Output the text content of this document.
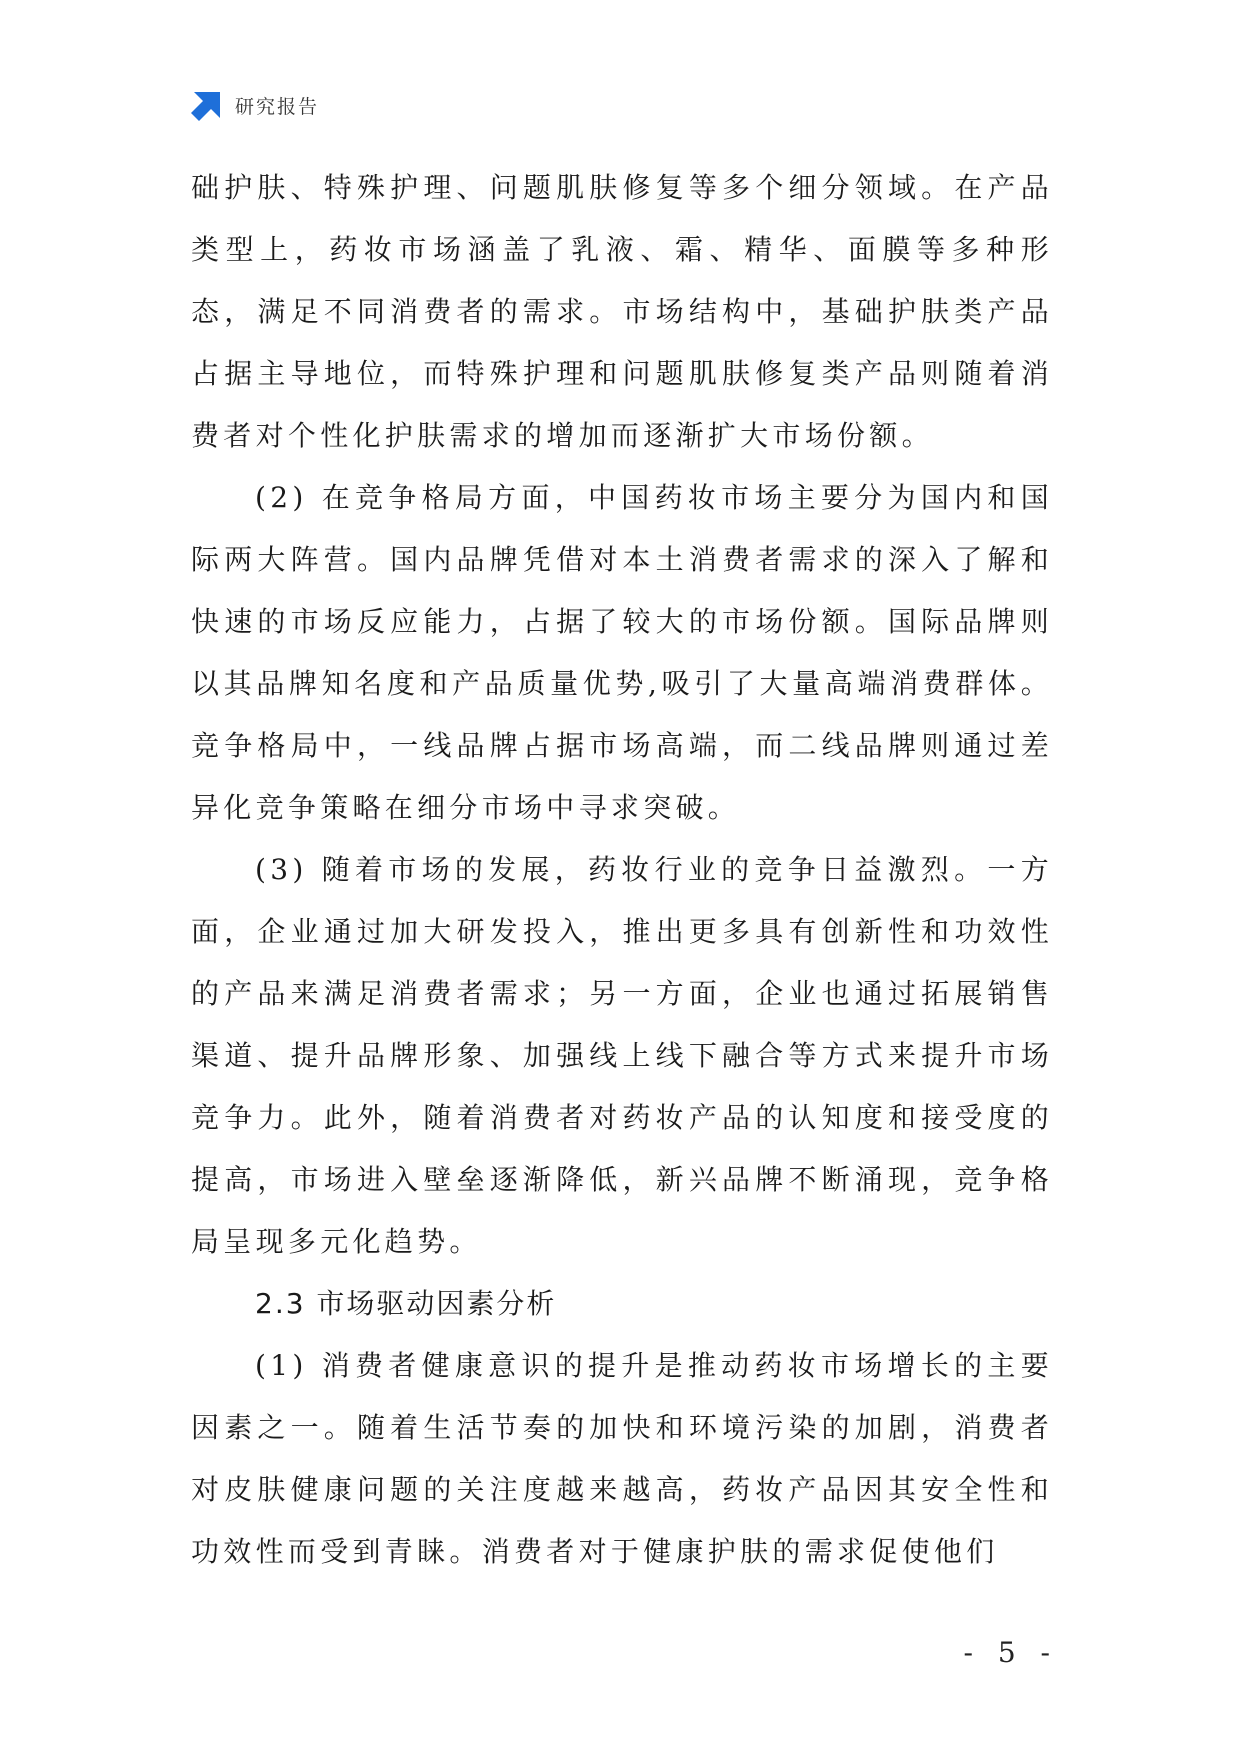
研究报告

础护肤、特殊护理、问题肌肤修复等多个细分领域。在产品类型上，药妆市场涵盖了乳液、霜、精华、面膜等多种形态，满足不同消费者的需求。市场结构中，基础护肤类产品占据主导地位，而特殊护理和问题肌肤修复类产品则随着消费者对个性化护肤需求的增加而逐渐扩大市场份额。

(2) 在竞争格局方面，中国药妆市场主要分为国内和国际两大阵营。国内品牌凭借对本土消费者需求的深入了解和快速的市场反应能力，占据了较大的市场份额。国际品牌则以其品牌知名度和产品质量优势,吸引了大量高端消费群体。竞争格局中，一线品牌占据市场高端，而二线品牌则通过差异化竞争策略在细分市场中寻求突破。

(3) 随着市场的发展，药妆行业的竞争日益激烈。一方面，企业通过加大研发投入，推出更多具有创新性和功效性的产品来满足消费者需求；另一方面，企业也通过拓展销售渠道、提升品牌形象、加强线上线下融合等方式来提升市场竞争力。此外，随着消费者对药妆产品的认知度和接受度的提高，市场进入壁垒逐渐降低，新兴品牌不断涌现，竞争格局呈现多元化趋势。

2.3 市场驱动因素分析

(1) 消费者健康意识的提升是推动药妆市场增长的主要因素之一。随着生活节奏的加快和环境污染的加剧，消费者对皮肤健康问题的关注度越来越高，药妆产品因其安全性和功效性而受到青睐。消费者对于健康护肤的需求促使他们

- 5 -
